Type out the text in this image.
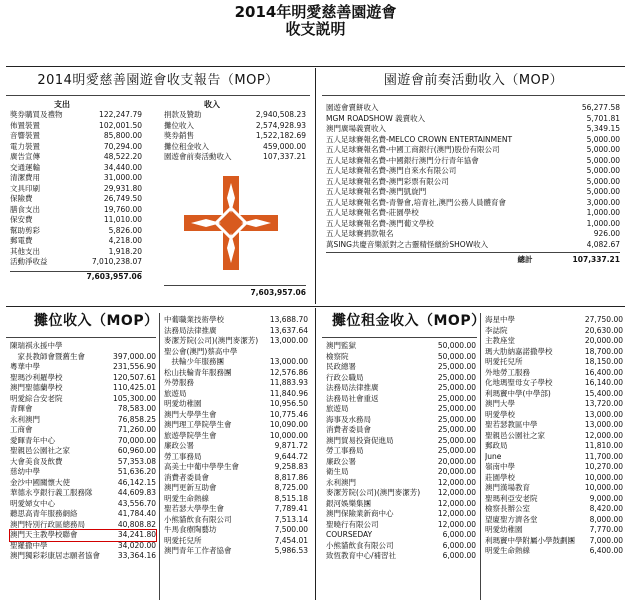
2014年明愛慈善園遊會
收支説明
2014明愛慈善園遊會收支報告（MOP）
支出	收入
獎券購買及禮物	122,247.79
佈置裝置	102,001.50
音響裝置	85,800.00
電力裝置	70,294.00
廣告宣傳	48,522.20
交通運輸	34,440.00
清潔費用	31,000.00
文具印刷	29,931.80
保險費	26,749.50
膳食支出	19,760.00
保安費	11,010.00
幫助剪彩	5,826.00
郵電費	4,218.00
其他支出	1,918.20
活動淨收益	7,010,238.07
7,603,957.06
捐款及贊助	2,940,508.23
攤位收入	2,574,928.93
獎券銷售	1,522,182.69
攤位租金收入	459,000.00
園遊會前奏活動收入	107,337.21
7,603,957.06
園遊會前奏活動收入（MOP）
園遊會賣餅收入	56,277.58
MGM ROADSHOW 義賣收入	5,701.81
澳門廣場義賣收入	5,349.15
五人足球賽報名費-MELCO CROWN ENTERTAINMENT	5,000.00
五人足球賽報名費-中國工商銀行(澳門)股份有限公司	5,000.00
五人足球賽報名費-中國銀行澳門分行青年協會	5,000.00
五人足球賽報名費-澳門自來水有限公司	5,000.00
五人足球賽報名費-澳門彩票有限公司	5,000.00
五人足球賽報名費-澳門凱旋門	5,000.00
五人足球賽報名費-青譽會,培青社,澳門公務人員體育會	3,000.00
五人足球賽報名費-莊園學校	1,000.00
五人足球賽報名費-澳門葡文學校	1,000.00
五人足球賽捐款報名	926.00
萬SING共慶音樂派對之古靈精怪繽紛SHOW收入	4,082.67
總計	107,337.21
攤位收入（MOP）
陳瑞祺永援中學
　家長教師會暨舊生會	397,000.00
粵華中學	231,556.90
聖瑪沙利羅學校	120,507.61
澳門聖德蘭學校	110,425.01
明愛綜合安老院	105,300.00
青輝會	78,583.00
永利澳門	76,858.25
工商會	71,260.00
愛暉青年中心	70,000.00
聖親邑公園社之家	60,960.00
大會美食及飲費	57,353.08
慈幼中學	51,636.20
金沙中國關懷大使	46,142.15
華德永亨銀行義工服務隊	44,609.83
明愛婦女中心	43,556.70
聽思高青年服務網絡	41,784.40
澳門特別行政區總務局	40,808.82
澳門天主教學校聯會	34,241.80
聖羅撒中學	34,020.00
澳門獨彩彩康居志願者協會	33,364.16
中葡職業技術學校	13,688.70
法務局法律推廣	13,637.64
麥潔芳院(公司)(澳門麥潔芳)	13,000.00
聖公會(澳門)蔡高中學
　扶輪少年服務團	13,000.00
松山扶輪青年服務團	12,576.86
外勞服務	11,883.93
旅遊局	11,840.96
明愛幼稚園	10,956.50
澳門大學學生會	10,775.46
澳門理工學院學生會	10,090.00
旅遊學院學生會	10,000.00
廉政公署	9,871.72
勞工事務局	9,644.72
高美士中葡中學學生會	9,258.83
消費者委員會	8,817.86
澳門更新互助會	8,725.00
明愛生命熱線	8,515.18
聖若瑟大學學生會	7,789.41
小熊貓飲食有限公司	7,513.14
牛馬食療陶藝坊	7,500.00
明愛托兒所	7,454.01
澳門青年工作者協會	5,986.53
攤位租金收入（MOP）
澳門監獄	50,000.00
檢察院	50,000.00
民政總署	25,000.00
行政公職局	25,000.00
法務局法律推廣	25,000.00
法務局社會重返	25,000.00
旅遊局	25,000.00
海事及水務局	25,000.00
消費者委員會	25,000.00
澳門貿易投資促進局	25,000.00
勞工事務局	25,000.00
廉政公署	20,000.00
衛生局	20,000.00
永利澳門	12,000.00
麥潔芳院(公司)(澳門麥潔芳)	12,000.00
銀河娛樂集團	12,000.00
澳門保險業新商中心	12,000.00
聖曉行有限公司	12,000.00
COURSEDAY	6,000.00
小熊貓飲食有限公司	6,000.00
致恆教育中心/補習社	6,000.00
海星中學	27,750.00
李誌院	20,630.00
主教座堂	20,000.00
瑪大肋納嘉諾撒學校	18,700.00
明愛托兒所	18,150.00
外地勞工服務	16,400.00
化地瑪聖母女子學校	16,140.00
利瑪竇中學(中學部)	15,400.00
澳門大學	13,720.00
明愛學校	13,000.00
聖若瑟教區中學	13,000.00
聖親邑公園社之家	12,000.00
郵政局	11,810.00
June	11,700.00
嶺南中學	10,270.00
莊園學校	10,000.00
澳門漢場教育	10,000.00
聖瑪利亞安老院	9,000.00
檢察長辦公室	8,420.00
望廈聖方濟各堂	8,000.00
明愛幼稚園	7,770.00
利瑪竇中學附屬小學鼓劃團	7,000.00
明愛生命熱線	6,400.00
